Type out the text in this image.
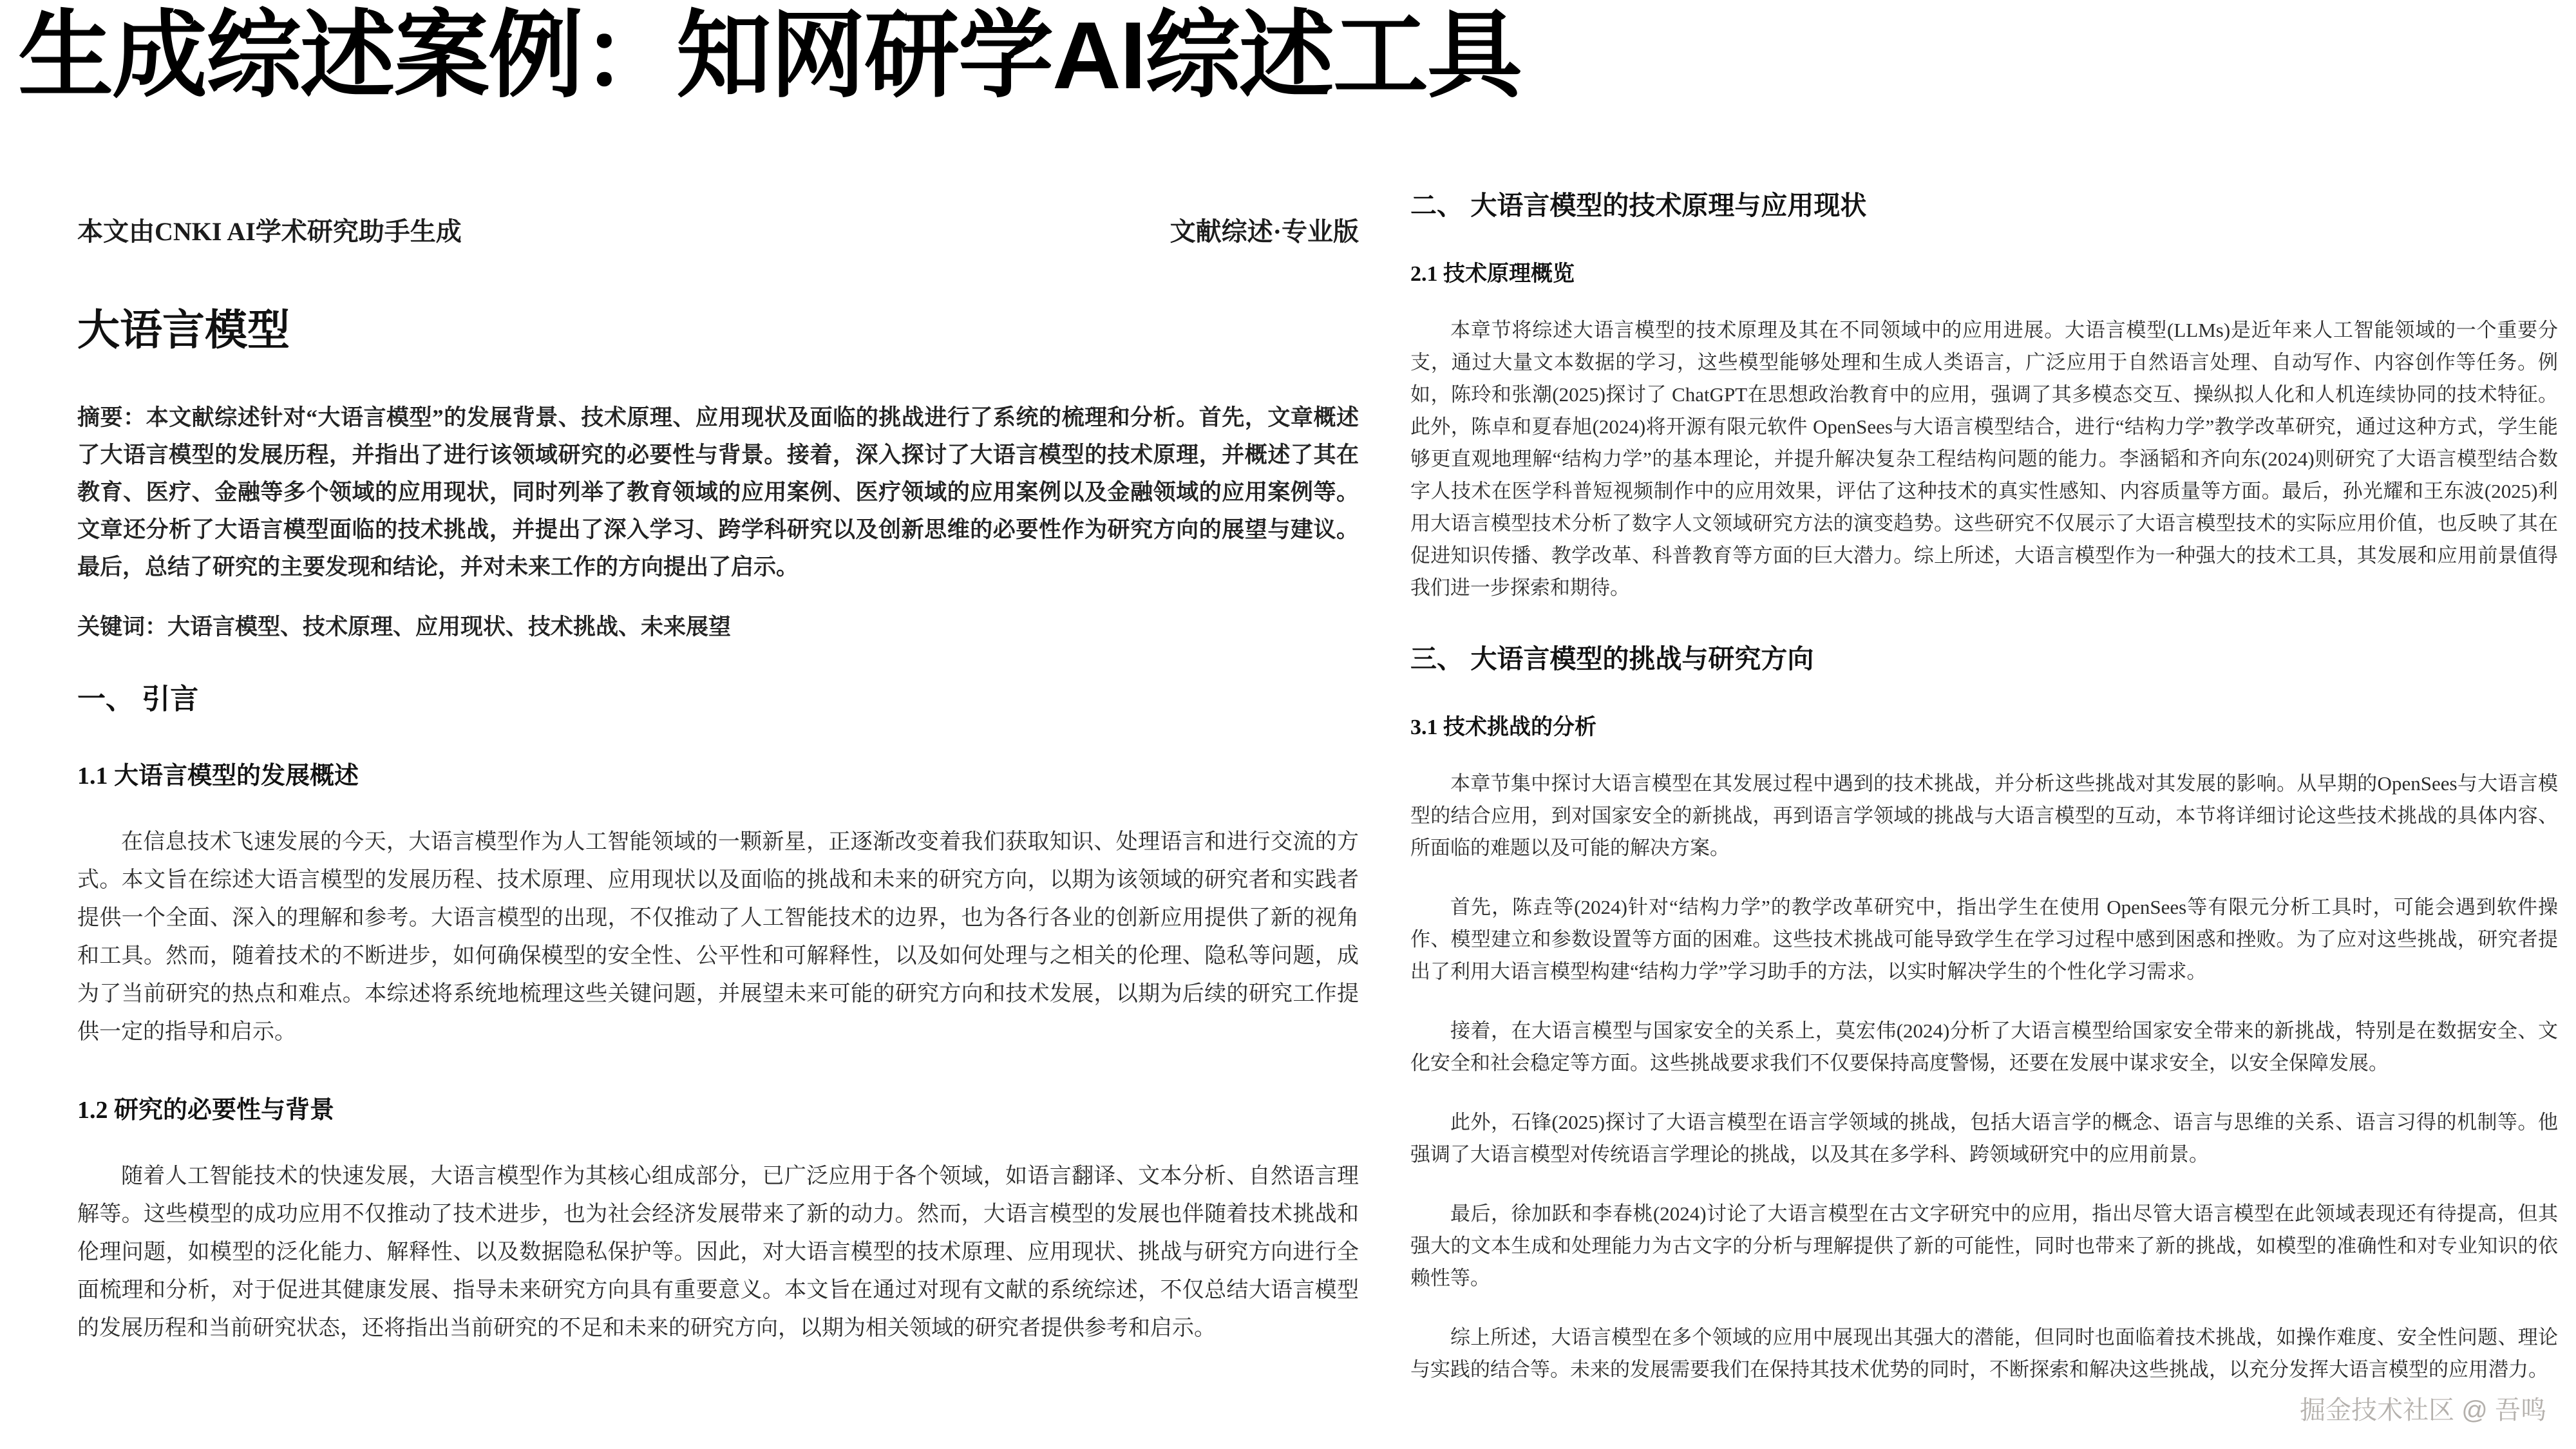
生成综述案例：知网研学AI综述工具
本文由CNKI AI学术研究助手生成	文献综述·专业版
大语言模型

摘要：本文献综述针对“大语言模型”的发展背景、技术原理、应用现状及面临的挑战进行了系统的梳理和分析。首先，文章概述了大语言模型的发展历程，并指出了进行该领域研究的必要性与背景。接着，深入探讨了大语言模型的技术原理，并概述了其在教育、医疗、金融等多个领域的应用现状，同时列举了教育领域的应用案例、医疗领域的应用案例以及金融领域的应用案例等。文章还分析了大语言模型面临的技术挑战，并提出了深入学习、跨学科研究以及创新思维的必要性作为研究方向的展望与建议。最后，总结了研究的主要发现和结论，并对未来工作的方向提出了启示。

关键词：大语言模型、技术原理、应用现状、技术挑战、未来展望
一、 引言
1.1 大语言模型的发展概述

在信息技术飞速发展的今天，大语言模型作为人工智能领域的一颗新星，正逐渐改变着我们获取知识、处理语言和进行交流的方式。本文旨在综述大语言模型的发展历程、技术原理、应用现状以及面临的挑战和未来的研究方向，以期为该领域的研究者和实践者提供一个全面、深入的理解和参考。大语言模型的出现，不仅推动了人工智能技术的边界，也为各行各业的创新应用提供了新的视角和工具。然而，随着技术的不断进步，如何确保模型的安全性、公平性和可解释性，以及如何处理与之相关的伦理、隐私等问题，成为了当前研究的热点和难点。本综述将系统地梳理这些关键问题，并展望未来可能的研究方向和技术发展，以期为后续的研究工作提供一定的指导和启示。

1.2 研究的必要性与背景

随着人工智能技术的快速发展，大语言模型作为其核心组成部分，已广泛应用于各个领域，如语言翻译、文本分析、自然语言理解等。这些模型的成功应用不仅推动了技术进步，也为社会经济发展带来了新的动力。然而，大语言模型的发展也伴随着技术挑战和伦理问题，如模型的泛化能力、解释性、以及数据隐私保护等。因此，对大语言模型的技术原理、应用现状、挑战与研究方向进行全面梳理和分析，对于促进其健康发展、指导未来研究方向具有重要意义。本文旨在通过对现有文献的系统综述，不仅总结大语言模型的发展历程和当前研究状态，还将指出当前研究的不足和未来的研究方向，以期为相关领域的研究者提供参考和启示。

二、 大语言模型的技术原理与应用现状
2.1 技术原理概览

本章节将综述大语言模型的技术原理及其在不同领域中的应用进展。大语言模型(LLMs)是近年来人工智能领域的一个重要分支，通过大量文本数据的学习，这些模型能够处理和生成人类语言，广泛应用于自然语言处理、自动写作、内容创作等任务。例如，陈玲和张潮(2025)探讨了 ChatGPT在思想政治教育中的应用，强调了其多模态交互、操纵拟人化和人机连续协同的技术特征。此外，陈卓和夏春旭(2024)将开源有限元软件 OpenSees与大语言模型结合，进行“结构力学”教学改革研究，通过这种方式，学生能够更直观地理解“结构力学”的基本理论，并提升解决复杂工程结构问题的能力。李涵韬和齐向东(2024)则研究了大语言模型结合数字人技术在医学科普短视频制作中的应用效果，评估了这种技术的真实性感知、内容质量等方面。最后，孙光耀和王东波(2025)利用大语言模型技术分析了数字人文领域研究方法的演变趋势。这些研究不仅展示了大语言模型技术的实际应用价值，也反映了其在促进知识传播、教学改革、科普教育等方面的巨大潜力。综上所述，大语言模型作为一种强大的技术工具，其发展和应用前景值得我们进一步探索和期待。

三、 大语言模型的挑战与研究方向
3.1 技术挑战的分析

本章节集中探讨大语言模型在其发展过程中遇到的技术挑战，并分析这些挑战对其发展的影响。从早期的OpenSees与大语言模型的结合应用，到对国家安全的新挑战，再到语言学领域的挑战与大语言模型的互动，本节将详细讨论这些技术挑战的具体内容、所面临的难题以及可能的解决方案。

首先，陈垚等(2024)针对“结构力学”的教学改革研究中，指出学生在使用 OpenSees等有限元分析工具时，可能会遇到软件操作、模型建立和参数设置等方面的困难。这些技术挑战可能导致学生在学习过程中感到困惑和挫败。为了应对这些挑战，研究者提出了利用大语言模型构建“结构力学”学习助手的方法，以实时解决学生的个性化学习需求。

接着，在大语言模型与国家安全的关系上，莫宏伟(2024)分析了大语言模型给国家安全带来的新挑战，特别是在数据安全、文化安全和社会稳定等方面。这些挑战要求我们不仅要保持高度警惕，还要在发展中谋求安全，以安全保障发展。

此外，石锋(2025)探讨了大语言模型在语言学领域的挑战，包括大语言学的概念、语言与思维的关系、语言习得的机制等。他强调了大语言模型对传统语言学理论的挑战，以及其在多学科、跨领域研究中的应用前景。

最后，徐加跃和李春桃(2024)讨论了大语言模型在古文字研究中的应用，指出尽管大语言模型在此领域表现还有待提高，但其强大的文本生成和处理能力为古文字的分析与理解提供了新的可能性，同时也带来了新的挑战，如模型的准确性和对专业知识的依赖性等。

综上所述，大语言模型在多个领域的应用中展现出其强大的潜能，但同时也面临着技术挑战，如操作难度、安全性问题、理论与实践的结合等。未来的发展需要我们在保持其技术优势的同时，不断探索和解决这些挑战，以充分发挥大语言模型的应用潜力。

掘金技术社区 @ 吾鸣
